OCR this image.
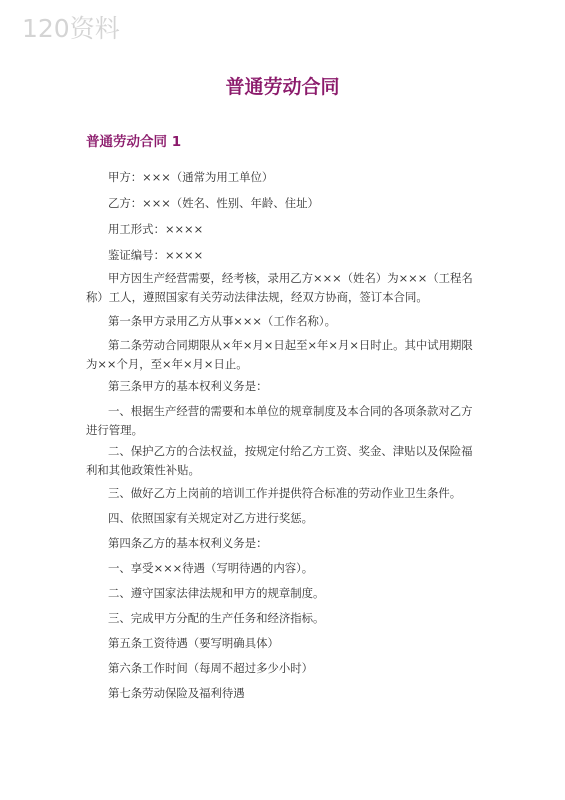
120资料
普通劳动合同
普通劳动合同 1

甲方：×××（通常为用工单位）

乙方：×××（姓名、性别、年龄、住址）

用工形式：××××

鉴证编号：××××

甲方因生产经营需要，经考核，录用乙方×××（姓名）为×××（工程名称）工人，遵照国家有关劳动法律法规，经双方协商，签订本合同。

第一条甲方录用乙方从事×××（工作名称）。

第二条劳动合同期限从×年×月×日起至×年×月×日时止。其中试用期限为××个月，至×年×月×日止。

第三条甲方的基本权利义务是：

一、根据生产经营的需要和本单位的规章制度及本合同的各项条款对乙方进行管理。

二、保护乙方的合法权益，按规定付给乙方工资、奖金、津贴以及保险福利和其他政策性补贴。

三、做好乙方上岗前的培训工作并提供符合标准的劳动作业卫生条件。

四、依照国家有关规定对乙方进行奖惩。

第四条乙方的基本权利义务是：

一、享受×××待遇（写明待遇的内容）。

二、遵守国家法律法规和甲方的规章制度。

三、完成甲方分配的生产任务和经济指标。

第五条工资待遇（要写明确具体）

第六条工作时间（每周不超过多少小时）

第七条劳动保险及福利待遇
